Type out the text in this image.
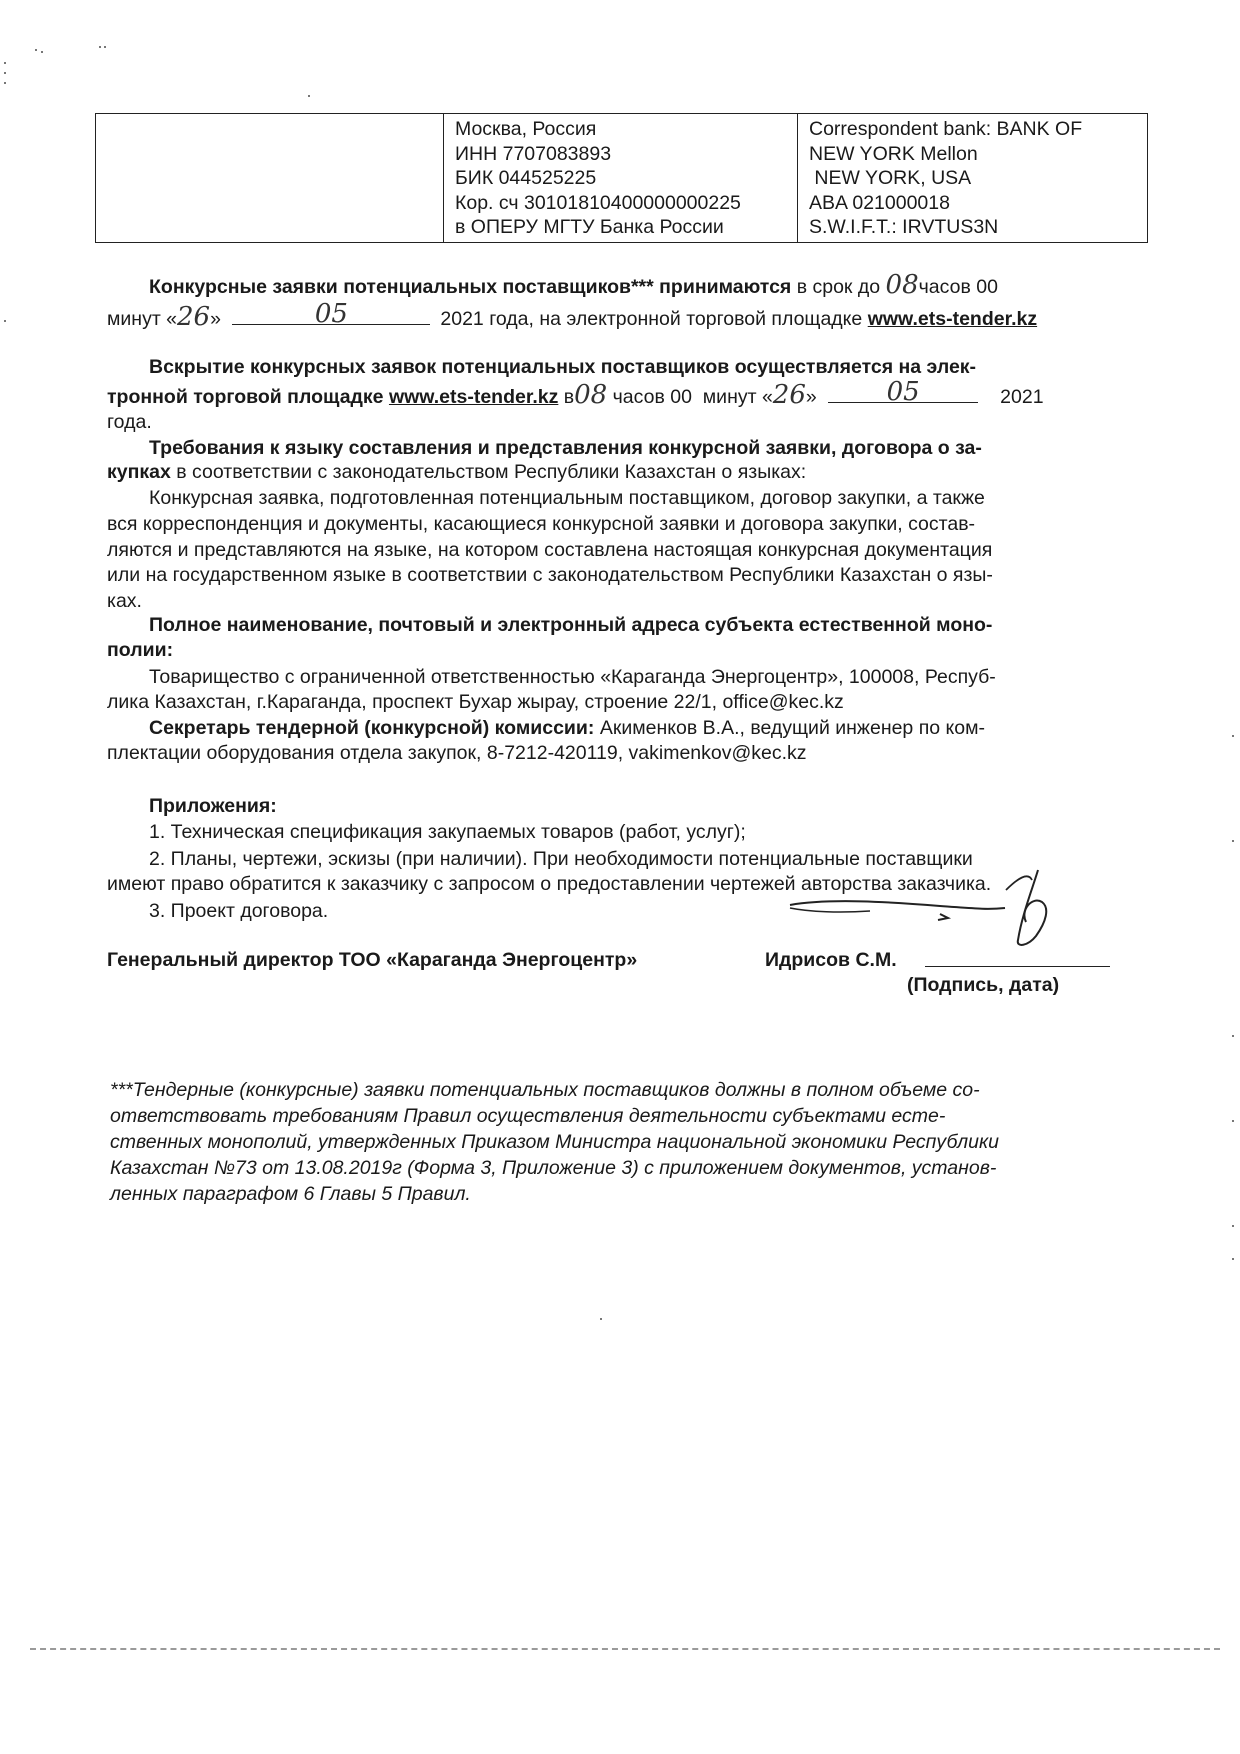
Москва, Россия
ИНН 7707083893
БИК 044525225
Кор. сч 30101810400000000225
в ОПЕРУ МГТУ Банка России

Correspondent bank: BANK OF
NEW YORK Mellon
NEW YORK, USA
ABA 021000018
S.W.I.F.T.: IRVTUS3N
Конкурсные заявки потенциальных поставщиков*** принимаются в срок до 08часов 00
минут «26»	05	2021 года, на электронной торговой площадке www.ets-tender.kz
Вскрытие конкурсных заявок потенциальных поставщиков осуществляется на элек-
тронной торговой площадке www.ets-tender.kz в08 часов 00  минут «26»	05	2021
года.
Требования к языку составления и представления конкурсной заявки, договора о за-
купках в соответствии с законодательством Республики Казахстан о языках:
Конкурсная заявка, подготовленная потенциальным поставщиком, договор закупки, а также
вся корреспонденция и документы, касающиеся конкурсной заявки и договора закупки, состав-
ляются и представляются на языке, на котором составлена настоящая конкурсная документация
или на государственном языке в соответствии с законодательством Республики Казахстан о язы-
ках.
Полное наименование, почтовый и электронный адреса субъекта естественной моно-
полии:
Товарищество с ограниченной ответственностью «Караганда Энергоцентр», 100008, Респуб-
лика Казахстан, г.Караганда, проспект Бухар жырау, строение 22/1, office@kec.kz
Секретарь тендерной (конкурсной) комиссии: Акименков В.А., ведущий инженер по ком-
плектации оборудования отдела закупок, 8-7212-420119, vakimenkov@kec.kz
Приложения:
1. Техническая спецификация закупаемых товаров (работ, услуг);
2. Планы, чертежи, эскизы (при наличии). При необходимости потенциальные поставщики
имеют право обратится к заказчику с запросом о предоставлении чертежей авторства заказчика.
3. Проект договора.
Генеральный директор ТОО «Караганда Энергоцентр»	Идрисов С.М.
(Подпись, дата)
***Тендерные (конкурсные) заявки потенциальных поставщиков должны в полном объеме со-
ответствовать требованиям Правил осуществления деятельности субъектами есте-
ственных монополий, утвержденных Приказом Министра национальной экономики Республики
Казахстан №73 от 13.08.2019г (Форма 3, Приложение 3) с приложением документов, установ-
ленных параграфом 6 Главы 5 Правил.
